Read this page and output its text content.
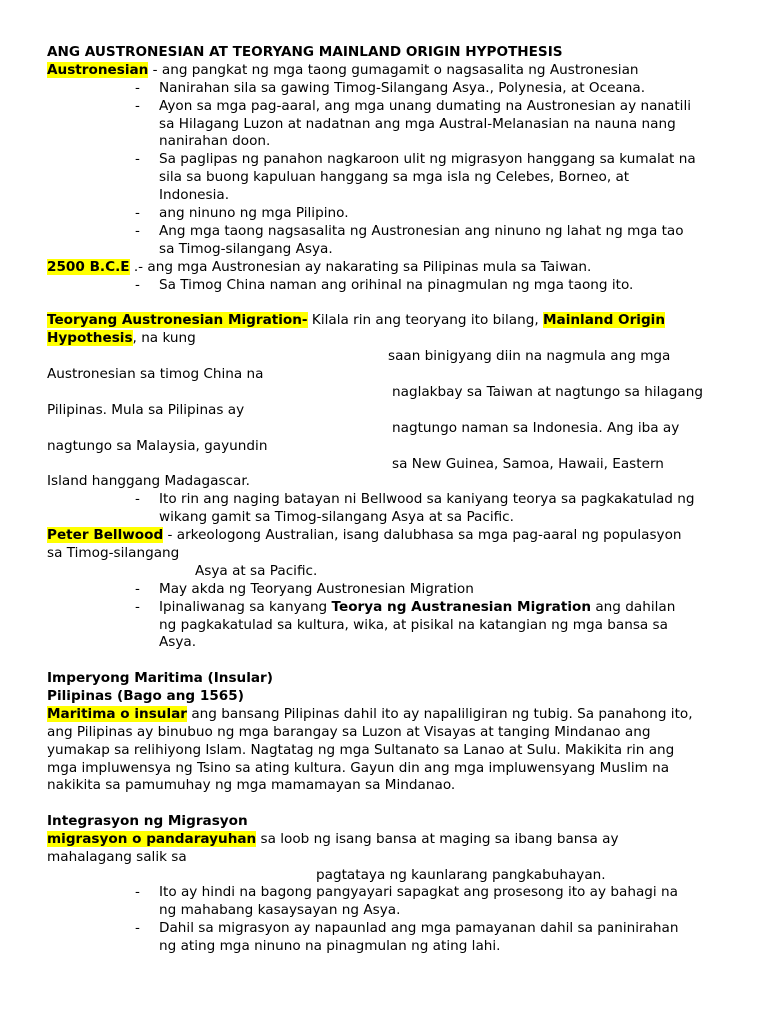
ANG AUSTRONESIAN AT TEORYANG MAINLAND ORIGIN HYPOTHESIS
Austronesian - ang pangkat ng mga taong gumagamit o nagsasalita ng Austronesian
- Nanirahan sila sa gawing Timog-Silangang Asya., Polynesia, at Oceana.
- Ayon sa mga pag-aaral, ang mga unang dumating na Austronesian ay nanatili
sa Hilagang Luzon at nadatnan ang mga Austral-Melanasian na nauna nang
nanirahan doon.
- Sa paglipas ng panahon nagkaroon ulit ng migrasyon hanggang sa kumalat na
sila sa buong kapuluan hanggang sa mga isla ng Celebes, Borneo, at
Indonesia.
- ang ninuno ng mga Pilipino.
- Ang mga taong nagsasalita ng Austronesian ang ninuno ng lahat ng mga tao
sa Timog-silangang Asya.
2500 B.C.E .- ang mga Austronesian ay nakarating sa Pilipinas mula sa Taiwan.
- Sa Timog China naman ang orihinal na pinagmulan ng mga taong ito.
Teoryang Austronesian Migration- Kilala rin ang teoryang ito bilang, Mainland Origin
Hypothesis, na kung
saan binigyang diin na nagmula ang mga
Austronesian sa timog China na
naglakbay sa Taiwan at nagtungo sa hilagang
Pilipinas. Mula sa Pilipinas ay
nagtungo naman sa Indonesia. Ang iba ay
nagtungo sa Malaysia, gayundin
sa New Guinea, Samoa, Hawaii, Eastern
Island hanggang Madagascar.
- Ito rin ang naging batayan ni Bellwood sa kaniyang teorya sa pagkakatulad ng
wikang gamit sa Timog-silangang Asya at sa Pacific.
Peter Bellwood - arkeologong Australian, isang dalubhasa sa mga pag-aaral ng populasyon
sa Timog-silangang
Asya at sa Pacific.
- May akda ng Teoryang Austronesian Migration
- Ipinaliwanag sa kanyang Teorya ng Austranesian Migration ang dahilan
ng pagkakatulad sa kultura, wika, at pisikal na katangian ng mga bansa sa
Asya.
Imperyong Maritima (Insular)
Pilipinas (Bago ang 1565)
Maritima o insular ang bansang Pilipinas dahil ito ay napaliligiran ng tubig. Sa panahong ito,
ang Pilipinas ay binubuo ng mga barangay sa Luzon at Visayas at tanging Mindanao ang
yumakap sa relihiyong Islam. Nagtatag ng mga Sultanato sa Lanao at Sulu. Makikita rin ang
mga impluwensya ng Tsino sa ating kultura. Gayun din ang mga impluwensyang Muslim na
nakikita sa pamumuhay ng mga mamamayan sa Mindanao.
Integrasyon ng Migrasyon
migrasyon o pandarayuhan sa loob ng isang bansa at maging sa ibang bansa ay
mahalagang salik sa
pagtataya ng kaunlarang pangkabuhayan.
- Ito ay hindi na bagong pangyayari sapagkat ang prosesong ito ay bahagi na
ng mahabang kasaysayan ng Asya.
- Dahil sa migrasyon ay napaunlad ang mga pamayanan dahil sa paninirahan
ng ating mga ninuno na pinagmulan ng ating lahi.
